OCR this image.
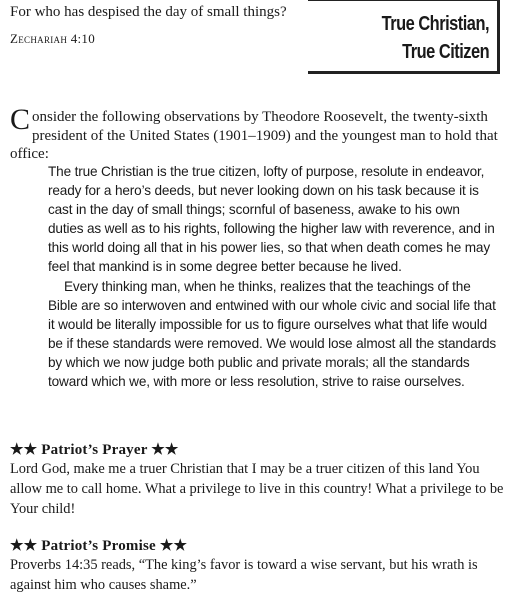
For who has despised the day of small things?
Zechariah 4:10
True Christian,
True Citizen
Consider the following observations by Theodore Roosevelt, the twenty-sixth president of the United States (1901–1909) and the youngest man to hold that office:

The true Christian is the true citizen, lofty of purpose, resolute in endeavor, ready for a hero’s deeds, but never looking down on his task because it is cast in the day of small things; scornful of baseness, awake to his own duties as well as to his rights, following the higher law with reverence, and in this world doing all that in his power lies, so that when death comes he may feel that mankind is in some degree better because he lived.

Every thinking man, when he thinks, realizes that the teachings of the Bible are so interwoven and entwined with our whole civic and social life that it would be literally impossible for us to figure ourselves what that life would be if these standards were removed. We would lose almost all the standards by which we now judge both public and private morals; all the standards toward which we, with more or less resolution, strive to raise ourselves.

★★ Patriot’s Prayer ★★
Lord God, make me a truer Christian that I may be a truer citizen of this land You allow me to call home. What a privilege to live in this country! What a privilege to be Your child!
★★ Patriot’s Promise ★★
Proverbs 14:35 reads, “The king’s favor is toward a wise servant, but his wrath is against him who causes shame.”
